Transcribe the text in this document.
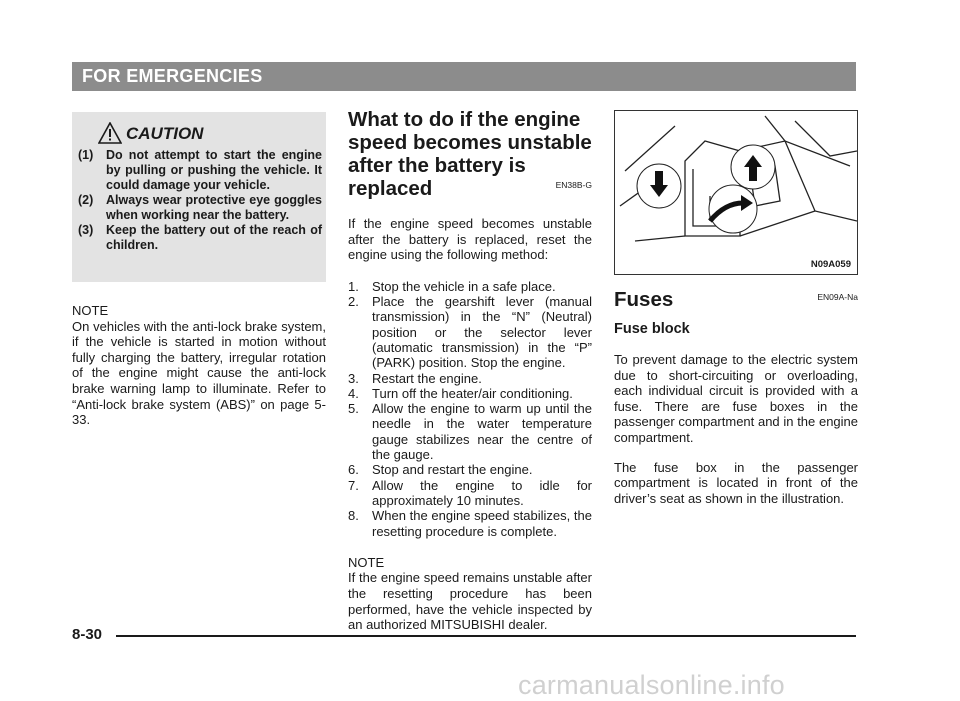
FOR EMERGENCIES
CAUTION
(1) Do not attempt to start the engine by pulling or pushing the vehicle. It could damage your vehicle.
(2) Always wear protective eye goggles when working near the battery.
(3) Keep the battery out of the reach of children.
NOTE

On vehicles with the anti-lock brake system, if the vehicle is started in motion without fully charging the battery, irregular rotation of the engine might cause the anti-lock brake warning lamp to illuminate. Refer to “Anti-lock brake system (ABS)” on page 5-33.

What to do if the engine speed becomes unstable after the battery is replaced	EN38B-G

If the engine speed becomes unstable after the battery is replaced, reset the engine using the following method:

1. Stop the vehicle in a safe place.
2. Place the gearshift lever (manual transmission) in the “N” (Neutral) position or the selector lever (automatic transmission) in the “P” (PARK) position. Stop the engine.
3. Restart the engine.
4. Turn off the heater/air conditioning.
5. Allow the engine to warm up until the needle in the water temperature gauge stabilizes near the centre of the gauge.
6. Stop and restart the engine.
7. Allow the engine to idle for approximately 10 minutes.
8. When the engine speed stabilizes, the resetting procedure is complete.
NOTE

If the engine speed remains unstable after the resetting procedure has been performed, have the vehicle inspected by an authorized MITSUBISHI dealer.

N09A059
Fuses	EN09A-Na
Fuse block

To prevent damage to the electric system due to short-circuiting or overloading, each individual circuit is provided with a fuse. There are fuse boxes in the passenger compartment and in the engine compartment.

The fuse box in the passenger compartment is located in front of the driver’s seat as shown in the illustration.

8-30
carmanualsonline.info
